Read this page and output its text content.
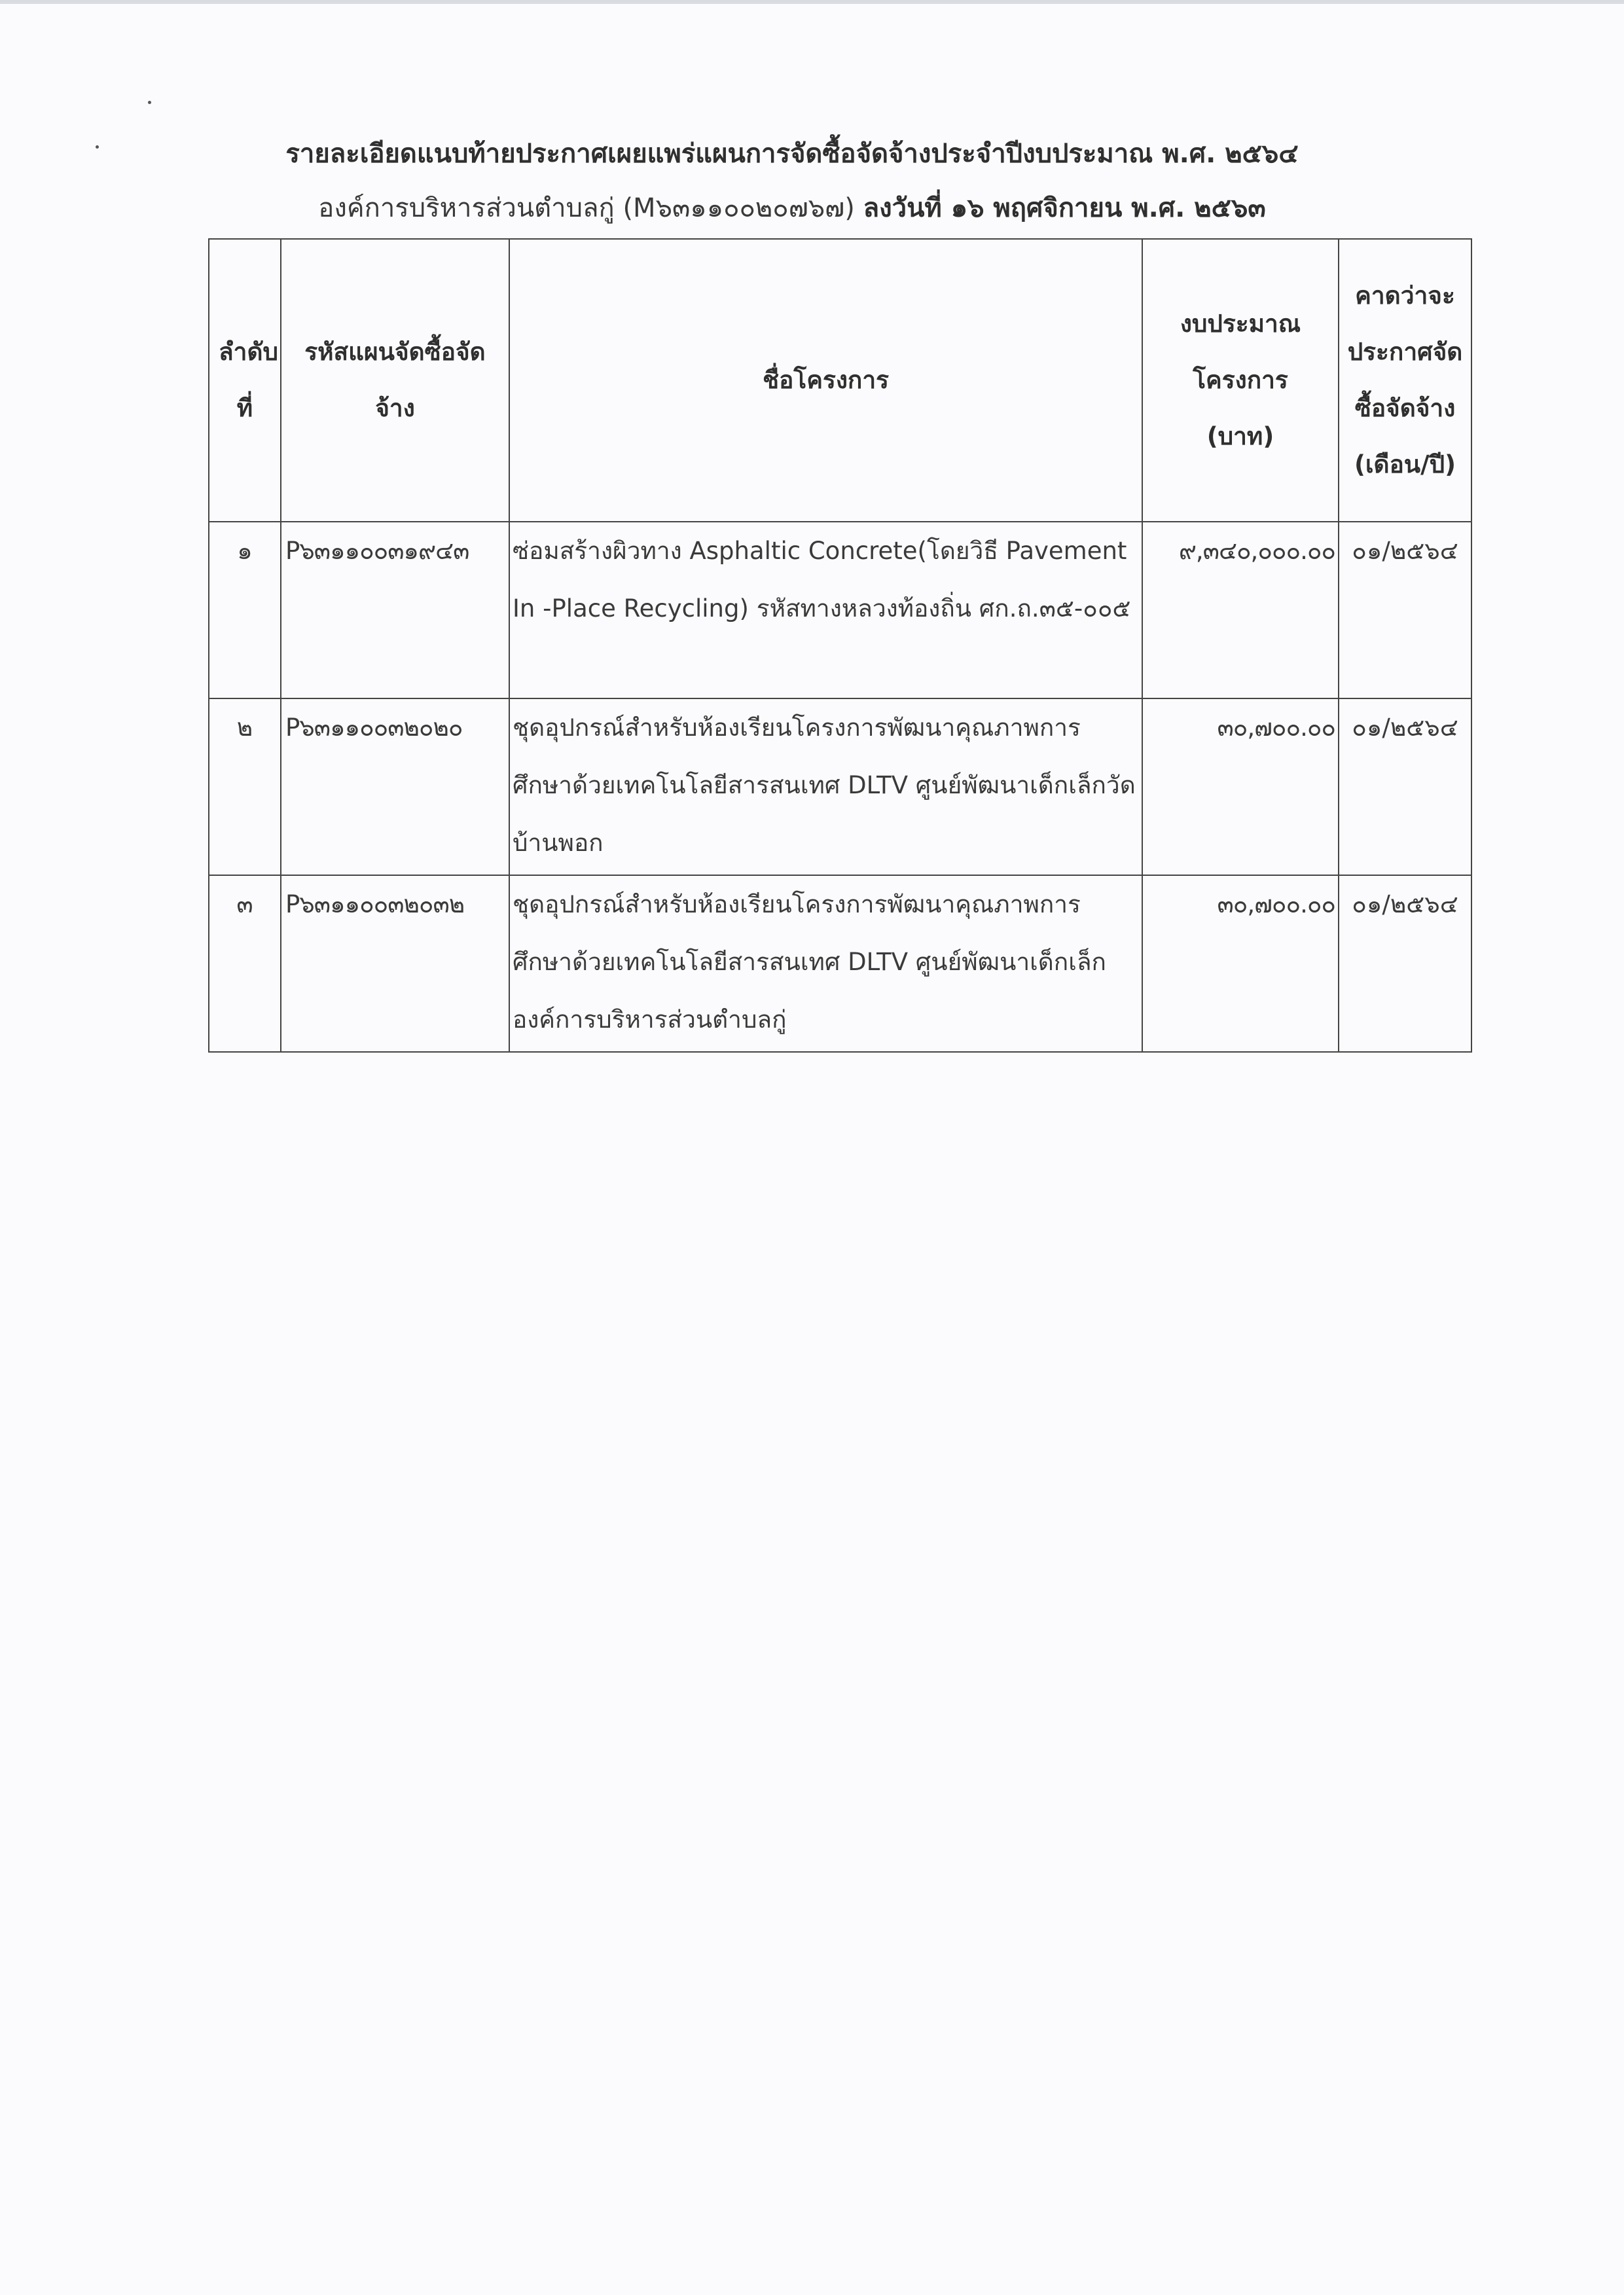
รายละเอียดแนบท้ายประกาศเผยแพร่แผนการจัดซื้อจัดจ้างประจำปีงบประมาณ พ.ศ. ๒๕๖๔
องค์การบริหารส่วนตำบลกู่ (M๖๓๑๑๐๐๒๐๗๖๗) ลงวันที่ ๑๖ พฤศจิกายน พ.ศ. ๒๕๖๓
ลำดับที่	รหัสแผนจัดซื้อจัดจ้าง	ชื่อโครงการ	งบประมาณโครงการ (บาท)	คาดว่าจะประกาศจัดซื้อจัดจ้าง (เดือน/ปี)
๑	P๖๓๑๑๐๐๓๑๙๔๓	ซ่อมสร้างผิวทาง Asphaltic Concrete(โดยวิธี Pavement In -Place Recycling) รหัสทางหลวงท้องถิ่น ศก.ถ.๓๕-๐๐๕	๙,๓๔๐,๐๐๐.๐๐	๐๑/๒๕๖๔
๒	P๖๓๑๑๐๐๓๒๐๒๐	ชุดอุปกรณ์สำหรับห้องเรียนโครงการพัฒนาคุณภาพการศึกษาด้วยเทคโนโลยีสารสนเทศ DLTV ศูนย์พัฒนาเด็กเล็กวัดบ้านพอก	๓๐,๗๐๐.๐๐	๐๑/๒๕๖๔
๓	P๖๓๑๑๐๐๓๒๐๓๒	ชุดอุปกรณ์สำหรับห้องเรียนโครงการพัฒนาคุณภาพการศึกษาด้วยเทคโนโลยีสารสนเทศ DLTV ศูนย์พัฒนาเด็กเล็กองค์การบริหารส่วนตำบลกู่	๓๐,๗๐๐.๐๐	๐๑/๒๕๖๔
